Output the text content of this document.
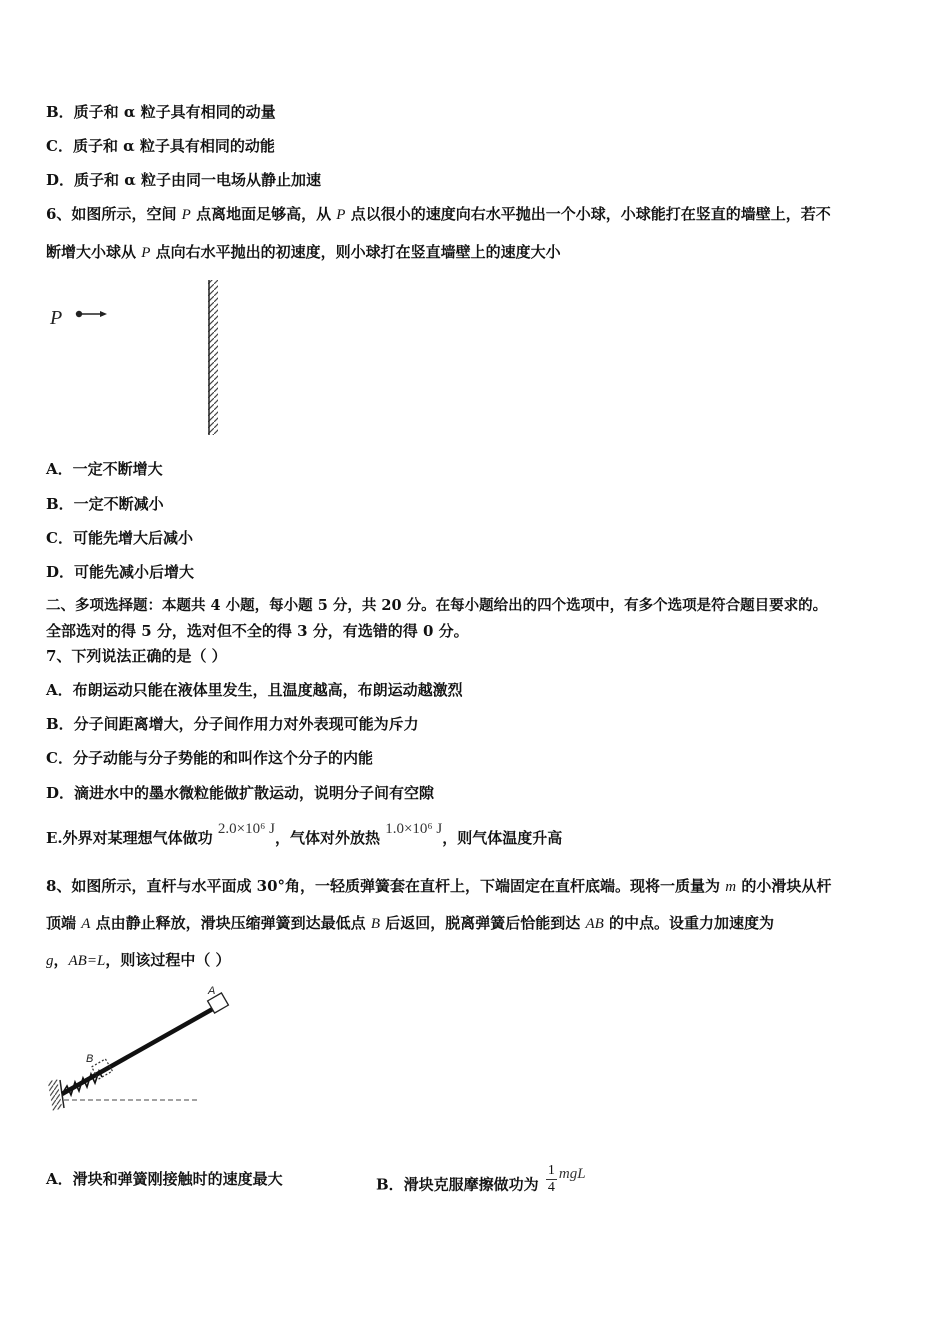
B．质子和 α 粒子具有相同的动量
C．质子和 α 粒子具有相同的动能
D．质子和 α 粒子由同一电场从静止加速
6、如图所示，空间 P 点离地面足够高，从 P 点以很小的速度向右水平抛出一个小球，小球能打在竖直的墙壁上，若不
断增大小球从 P 点向右水平抛出的初速度，则小球打在竖直墙壁上的速度大小
P
A．一定不断增大
B．一定不断减小
C．可能先增大后减小
D．可能先减小后增大
二、多项选择题：本题共 4 小题，每小题 5 分，共 20 分。在每小题给出的四个选项中，有多个选项是符合题目要求的。
全部选对的得 5 分，选对但不全的得 3 分，有选错的得 0 分。
7、下列说法正确的是（ ）
A．布朗运动只能在液体里发生，且温度越高，布朗运动越激烈
B．分子间距离增大，分子间作用力对外表现可能为斥力
C．分子动能与分子势能的和叫作这个分子的内能
D．滴进水中的墨水微粒能做扩散运动，说明分子间有空隙
E.外界对某理想气体做功 2.0×10⁶ J，气体对外放热 1.0×10⁶ J，则气体温度升高
8、如图所示，直杆与水平面成 30°角，一轻质弹簧套在直杆上，下端固定在直杆底端。现将一质量为 m 的小滑块从杆
顶端 A 点由静止释放，滑块压缩弹簧到达最低点 B 后返回，脱离弹簧后恰能到达 AB 的中点。设重力加速度为
g，AB=L，则该过程中（ ）
B
A
A．滑块和弹簧刚接触时的速度最大	B．滑块克服摩擦做功为 $\frac{1}{4}$ mgL
